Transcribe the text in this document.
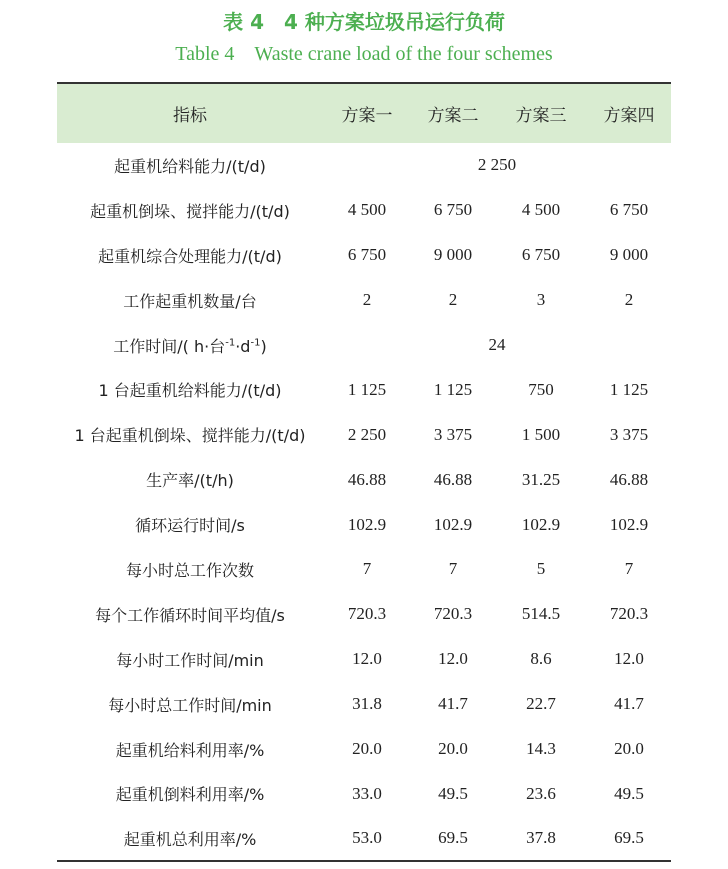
表 4　4 种方案垃圾吊运行负荷
Table 4　Waste crane load of the four schemes
指标	方案一	方案二	方案三	方案四
起重机给料能力/(t/d)	2 250			
起重机倒垛、搅拌能力/(t/d)	4 500	6 750	4 500	6 750
起重机综合处理能力/(t/d)	6 750	9 000	6 750	9 000
工作起重机数量/台	2	2	3	2
工作时间/( h·台$^{-1}\cdot d^{-1}$)	24			
1 台起重机给料能力/(t/d)	1 125	1 125	750	1 125
1 台起重机倒垛、搅拌能力/(t/d)	2 250	3 375	1 500	3 375
生产率/(t/h)	46.88	46.88	31.25	46.88
循环运行时间/s	102.9	102.9	102.9	102.9
每小时总工作次数	7	7	5	7
每个工作循环时间平均值/s	720.3	720.3	514.5	720.3
每小时工作时间/min	12.0	12.0	8.6	12.0
每小时总工作时间/min	31.8	41.7	22.7	41.7
起重机给料利用率/%	20.0	20.0	14.3	20.0
起重机倒料利用率/%	33.0	49.5	23.6	49.5
起重机总利用率/%	53.0	69.5	37.8	69.5
